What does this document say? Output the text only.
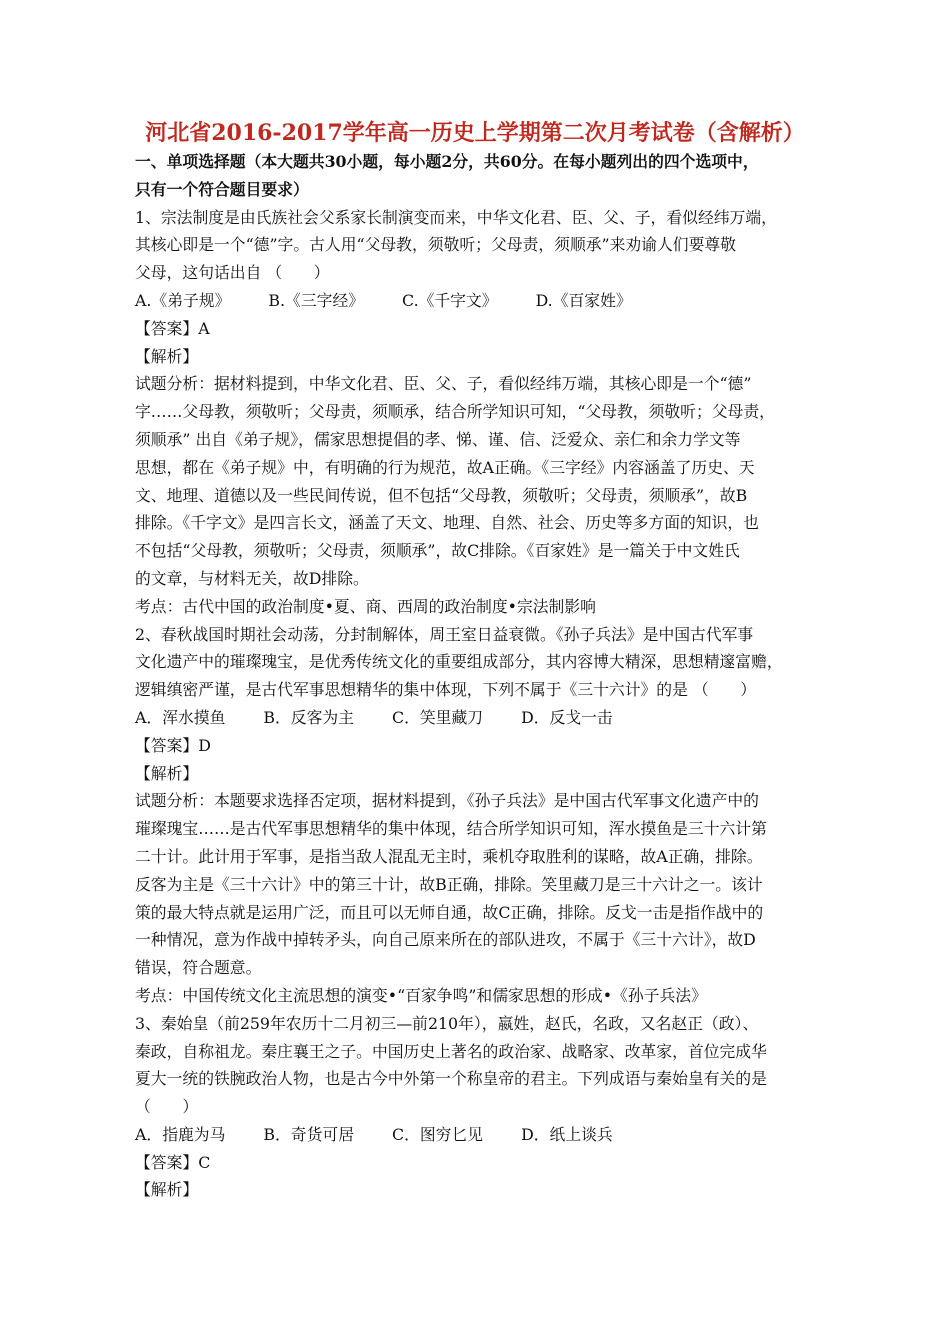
河北省2016-2017学年高一历史上学期第二次月考试卷（含解析）
一、单项选择题（本大题共30小题，每小题2分，共60分。在每小题列出的四个选项中，
只有一个符合题目要求）
1、宗法制度是由氏族社会父系家长制演变而来，中华文化君、臣、父、子，看似经纬万端，
其核心即是一个“德”字。古人用“父母教，须敬听；父母责，须顺承”来劝谕人们要尊敬
父母，这句话出自 （　　）
A.《弟子规》 B.《三字经》 C.《千字文》 D.《百家姓》
【答案】A
【解析】
试题分析：据材料提到，中华文化君、臣、父、子，看似经纬万端，其核心即是一个“德”
字……父母教，须敬听；父母责，须顺承，结合所学知识可知，“父母教，须敬听；父母责，
须顺承” 出自《弟子规》，儒家思想提倡的孝、悌、谨、信、泛爱众、亲仁和余力学文等
思想，都在《弟子规》中，有明确的行为规范，故A正确。《三字经》内容涵盖了历史、天
文、地理、道德以及一些民间传说，但不包括“父母教，须敬听；父母责，须顺承”，故B
排除。《千字文》是四言长文，涵盖了天文、地理、自然、社会、历史等多方面的知识，也
不包括“父母教，须敬听；父母责，须顺承”，故C排除。《百家姓》是一篇关于中文姓氏
的文章，与材料无关，故D排除。
考点：古代中国的政治制度•夏、商、西周的政治制度•宗法制影响
2、春秋战国时期社会动荡，分封制解体，周王室日益衰微。《孙子兵法》是中国古代军事
文化遗产中的璀璨瑰宝，是优秀传统文化的重要组成部分，其内容博大精深，思想精邃富赡，
逻辑缜密严谨，是古代军事思想精华的集中体现，下列不属于《三十六计》的是 （　　）
A．浑水摸鱼 B．反客为主 C．笑里藏刀 D．反戈一击
【答案】D
【解析】
试题分析：本题要求选择否定项，据材料提到，《孙子兵法》是中国古代军事文化遗产中的
璀璨瑰宝……是古代军事思想精华的集中体现，结合所学知识可知，浑水摸鱼是三十六计第
二十计。此计用于军事，是指当敌人混乱无主时，乘机夺取胜利的谋略，故A正确，排除。
反客为主是《三十六计》中的第三十计，故B正确，排除。笑里藏刀是三十六计之一。该计
策的最大特点就是运用广泛，而且可以无师自通，故C正确，排除。反戈一击是指作战中的
一种情况，意为作战中掉转矛头，向自己原来所在的部队进攻，不属于《三十六计》，故D
错误，符合题意。
考点：中国传统文化主流思想的演变•“百家争鸣”和儒家思想的形成•《孙子兵法》
3、秦始皇（前259年农历十二月初三—前210年），嬴姓，赵氏，名政，又名赵正（政）、
秦政，自称祖龙。秦庄襄王之子。中国历史上著名的政治家、战略家、改革家，首位完成华
夏大一统的铁腕政治人物，也是古今中外第一个称皇帝的君主。下列成语与秦始皇有关的是
（　　）
A．指鹿为马 B．奇货可居 C．图穷匕见 D．纸上谈兵
【答案】C
【解析】
